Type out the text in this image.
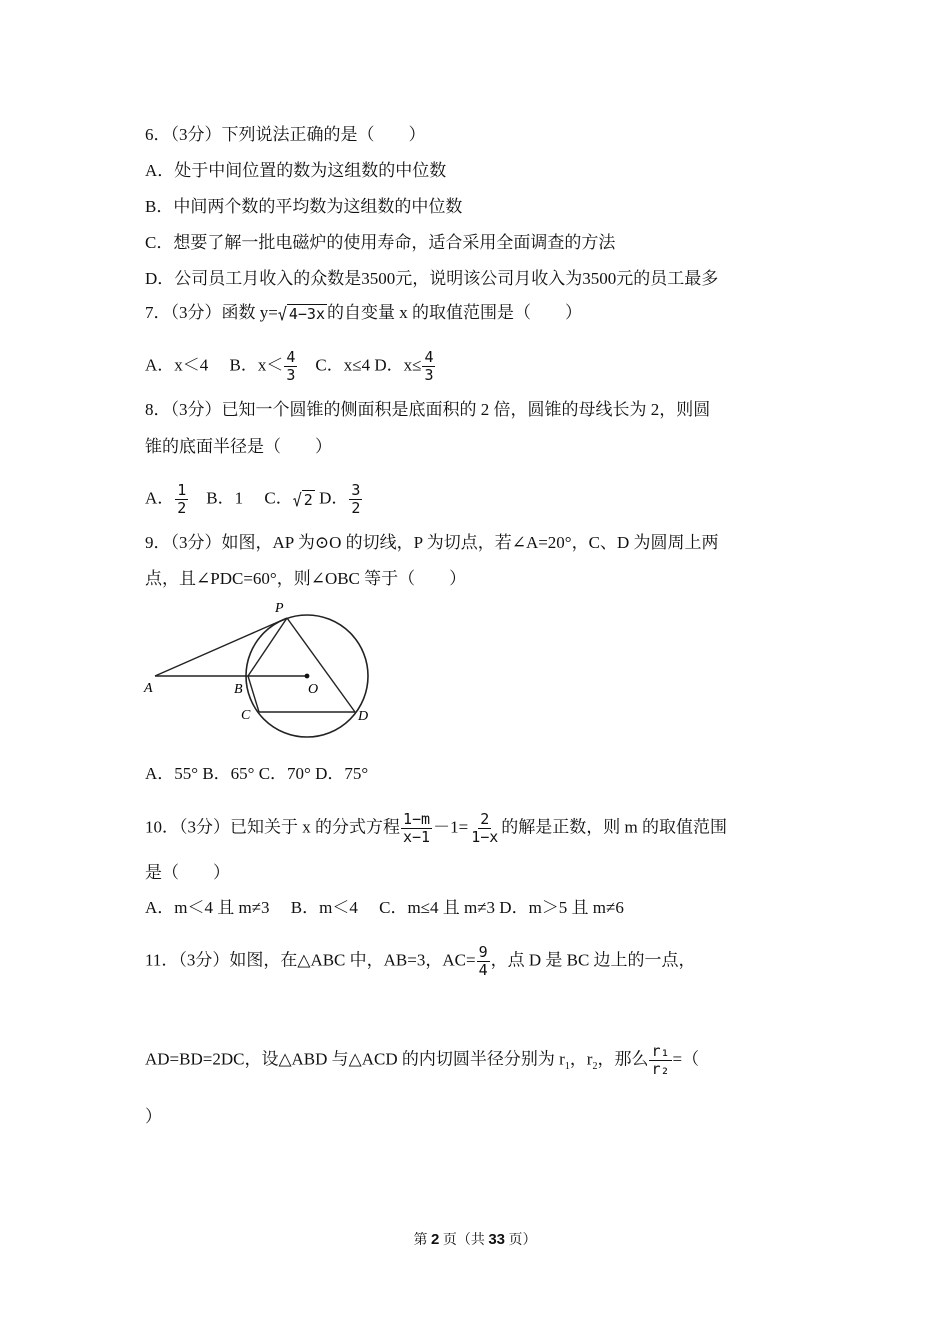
6．（3分）下列说法正确的是（　　）
A．处于中间位置的数为这组数的中位数
B．中间两个数的平均数为这组数的中位数
C．想要了解一批电磁炉的使用寿命，适合采用全面调查的方法
D．公司员工月收入的众数是3500元，说明该公司月收入为3500元的员工最多
7．（3分）函数 y=√ 4−3x 的自变量 x 的取值范围是（　　）
A．x＜4　 B．$x< \frac{4}{3}$ 　C．x≤4 D．$x\le \frac{4}{3}$
8．（3分）已知一个圆锥的侧面积是底面积的 2 倍，圆锥的母线长为 2，则圆
锥的底面半径是（　　）
A． $\frac{1}{2}$ 　B．1　 C．√ 2 D． $\frac{3}{2}$
9．（3分）如图，AP 为⊙O 的切线，P 为切点，若∠A=20°，C、D 为圆周上两
点，且∠PDC=60°，则∠OBC 等于（　　）
P
A	B	O
C	D
A．55° B．65° C．70° D．75°
10．（3分）已知关于 x 的分式方程 $\frac{1-m}{x-1} -1= \frac{2}{1-x}$ 的解是正数，则 m 的取值范围
是（　　）
A．m＜4 且 m≠3　 B．m＜4　 C．m≤4 且 m≠3 D．m＞5 且 m≠6
11．（3分）如图，在△ABC 中，AB=3，$AC= \frac{9}{4}$ ，点 D 是 BC 边上的一点，
AD=BD=2DC，设△ABD 与△ACD 的内切圆半径分别为 $r_1$，$r_2$，那么 $\frac{\text{r₁}}{\text{r₂}}$ =（
）
第 2 页（共 33 页）
